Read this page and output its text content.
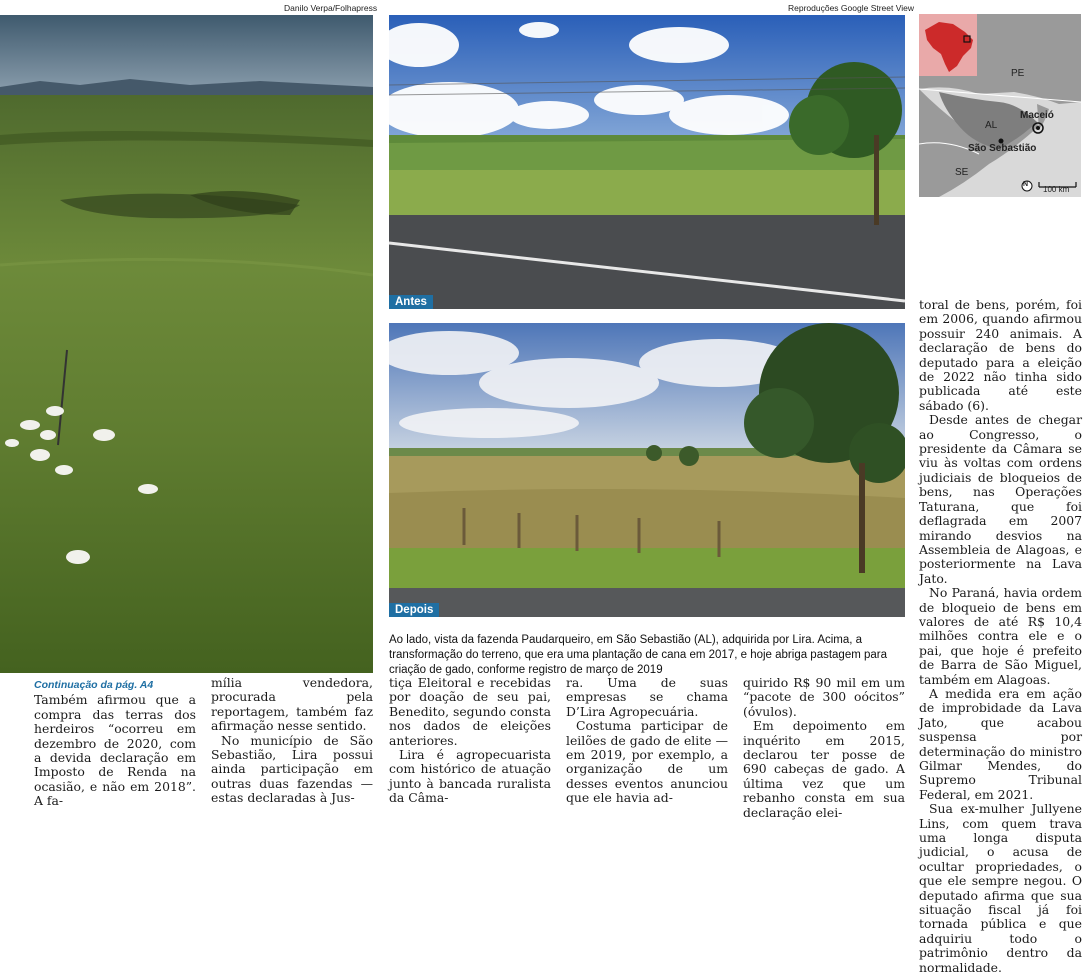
Danilo Verpa/Folhapress	Reproduções Google Street View
Antes
Depois
PE
AL
Maceió
São Sebastião
SE
N
100 km

toral de bens, porém, foi em 2006, quando afirmou possuir 240 animais. A declaração de bens do deputado para a eleição de 2022 não tinha sido publicada até este sábado (6).

Desde antes de chegar ao Congresso, o presidente da Câmara se viu às voltas com ordens judiciais de bloqueios de bens, nas Operações Taturana, que foi deflagrada em 2007 mirando desvios na Assembleia de Alagoas, e posteriormente na Lava Jato.

No Paraná, havia ordem de bloqueio de bens em valores de até R$ 10,4 milhões contra ele e o pai, que hoje é prefeito de Barra de São Miguel, também em Alagoas.

A medida era em ação de improbidade da Lava Jato, que acabou suspensa por determinação do ministro Gilmar Mendes, do Supremo Tribunal Federal, em 2021.

Sua ex-mulher Jullyene Lins, com quem trava uma longa disputa judicial, o acusa de ocultar propriedades, o que ele sempre negou. O deputado afirma que sua situação fiscal já foi tornada pública e que adquiriu todo o patrimônio dentro da normalidade.

Ao lado, vista da fazenda Paudarqueiro, em São Sebastião (AL), adquirida por Lira. Acima, a transformação do terreno, que era uma plantação de cana em 2017, e hoje abriga pastagem para criação de gado, conforme registro de março de 2019
Continuação da pág. A4

Também afirmou que a compra das terras dos herdeiros “ocorreu em dezembro de 2020, com a devida declaração em Imposto de Renda na ocasião, e não em 2018”. A fa-

mília vendedora, procurada pela reportagem, também faz afirmação nesse sentido.

No município de São Sebastião, Lira possui ainda participação em outras duas fazendas —estas declaradas à Jus-

tiça Eleitoral e recebidas por doação de seu pai, Benedito, segundo consta nos dados de eleições anteriores.

Lira é agropecuarista com histórico de atuação junto à bancada ruralista da Câma-

ra. Uma de suas empresas se chama D’Lira Agropecuária.

Costuma participar de leilões de gado de elite —em 2019, por exemplo, a organização de um desses eventos anunciou que ele havia ad-

quirido R$ 90 mil em um “pacote de 300 oócitos” (óvulos).

Em depoimento em inquérito em 2015, declarou ter posse de 690 cabeças de gado. A última vez que um rebanho consta em sua declaração elei-
